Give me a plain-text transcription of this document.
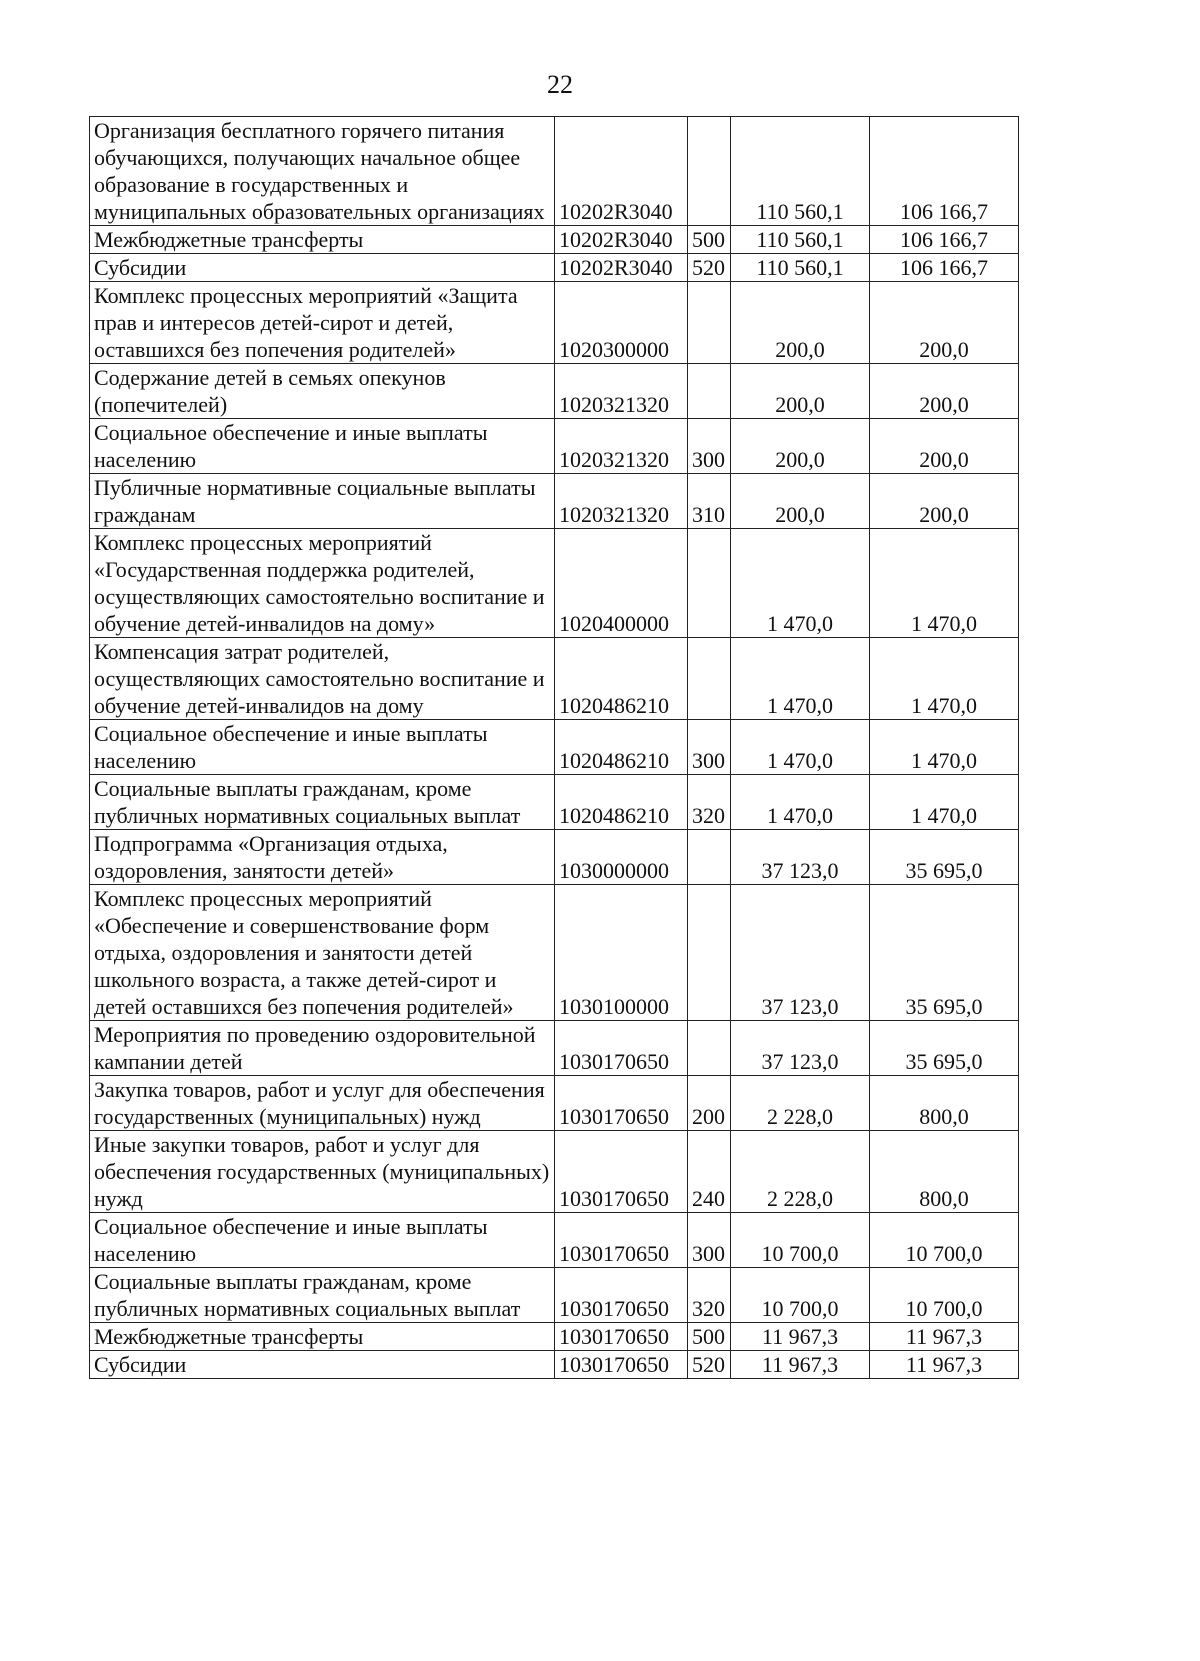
22
Организация бесплатного горячего питания обучающихся, получающих начальное общее образование в государственных и муниципальных образовательных организациях	10202R3040		110 560,1	106 166,7
Межбюджетные трансферты	10202R3040	500	110 560,1	106 166,7
Субсидии	10202R3040	520	110 560,1	106 166,7
Комплекс процессных мероприятий «Защита прав и интересов детей-сирот и детей, оставшихся без попечения родителей»	1020300000		200,0	200,0
Содержание детей в семьях опекунов (попечителей)	1020321320		200,0	200,0
Социальное обеспечение и иные выплаты населению	1020321320	300	200,0	200,0
Публичные нормативные социальные выплаты гражданам	1020321320	310	200,0	200,0
Комплекс процессных мероприятий «Государственная поддержка родителей, осуществляющих самостоятельно воспитание и обучение детей-инвалидов на дому»	1020400000		1 470,0	1 470,0
Компенсация затрат родителей, осуществляющих самостоятельно воспитание и обучение детей-инвалидов на дому	1020486210		1 470,0	1 470,0
Социальное обеспечение и иные выплаты населению	1020486210	300	1 470,0	1 470,0
Социальные выплаты гражданам, кроме публичных нормативных социальных выплат	1020486210	320	1 470,0	1 470,0
Подпрограмма «Организация отдыха, оздоровления, занятости детей»	1030000000		37 123,0	35 695,0
Комплекс процессных мероприятий «Обеспечение и совершенствование форм отдыха, оздоровления и занятости детей школьного возраста, а также детей-сирот и детей оставшихся без попечения родителей»	1030100000		37 123,0	35 695,0
Мероприятия по проведению оздоровительной кампании детей	1030170650		37 123,0	35 695,0
Закупка товаров, работ и услуг для обеспечения государственных (муниципальных) нужд	1030170650	200	2 228,0	800,0
Иные закупки товаров, работ и услуг для обеспечения государственных (муниципальных) нужд	1030170650	240	2 228,0	800,0
Социальное обеспечение и иные выплаты населению	1030170650	300	10 700,0	10 700,0
Социальные выплаты гражданам, кроме публичных нормативных социальных выплат	1030170650	320	10 700,0	10 700,0
Межбюджетные трансферты	1030170650	500	11 967,3	11 967,3
Субсидии	1030170650	520	11 967,3	11 967,3
